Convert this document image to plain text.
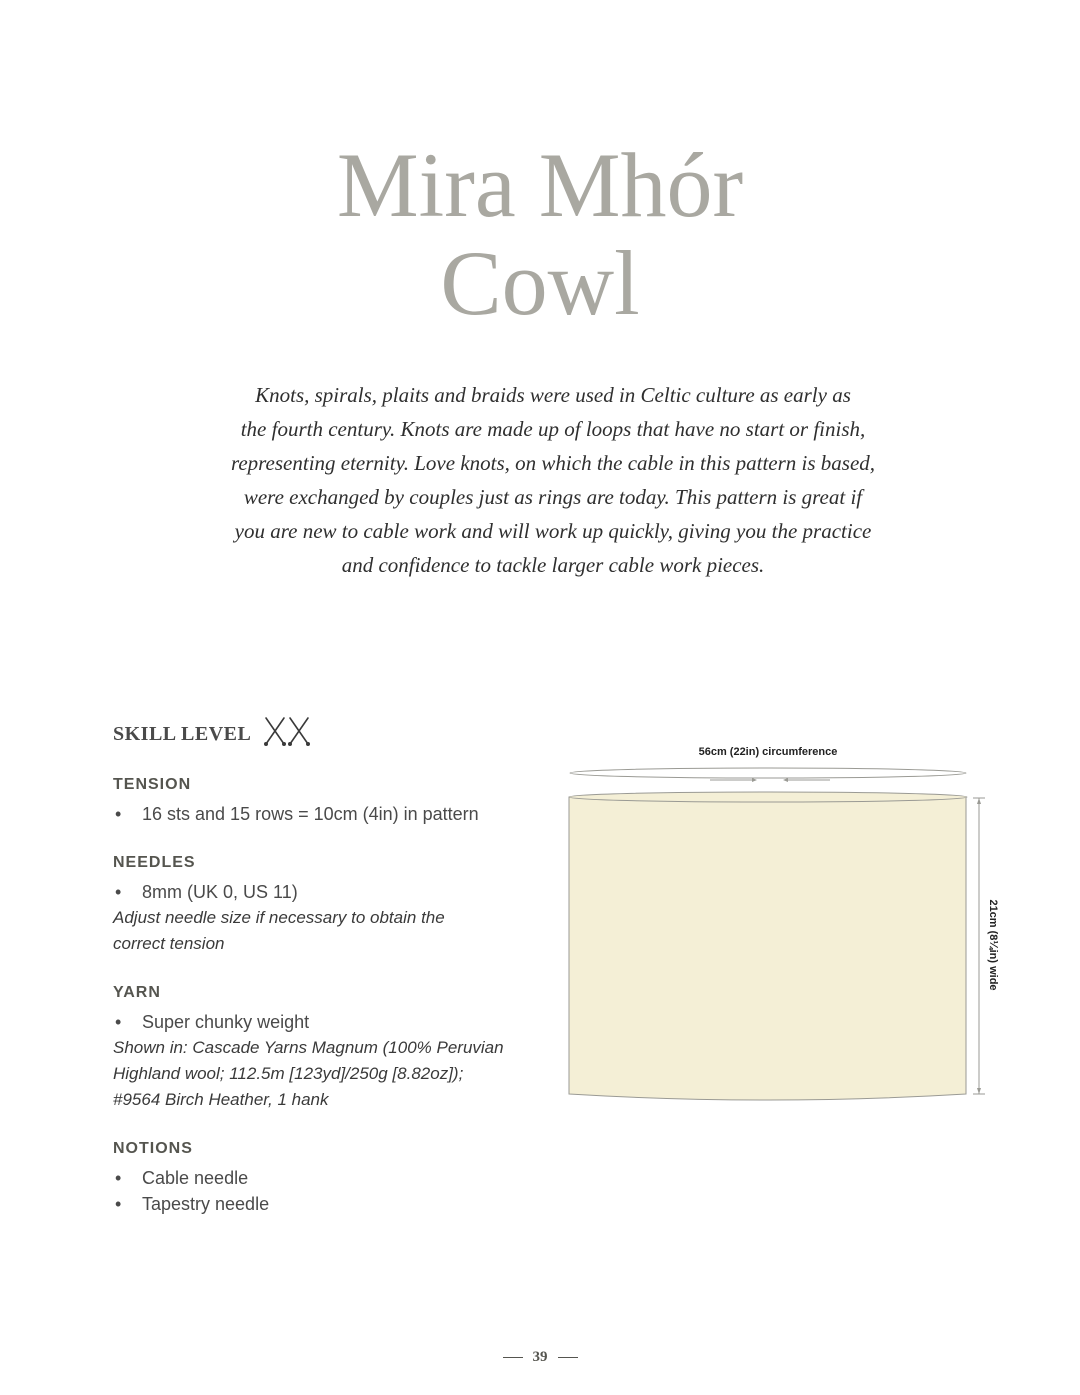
Mira Mhór
Cowl

Knots, spirals, plaits and braids were used in Celtic culture as early as
the fourth century. Knots are made up of loops that have no start or finish,
representing eternity. Love knots, on which the cable in this pattern is based,
were exchanged by couples just as rings are today. This pattern is great if
you are new to cable work and will work up quickly, giving you the practice
and confidence to tackle larger cable work pieces.

SKILL LEVEL
TENSION
• 16 sts and 15 rows = 10cm (4in) in pattern
NEEDLES
• 8mm (UK 0, US 11)

Adjust needle size if necessary to obtain the
correct tension

YARN
• Super chunky weight

Shown in: Cascade Yarns Magnum (100% Peruvian
Highland wool; 112.5m [123yd]/250g [8.82oz]);
#9564 Birch Heather, 1 hank

NOTIONS
• Cable needle
• Tapestry needle
56cm (22in) circumference
21cm (8¼in) wide
39
